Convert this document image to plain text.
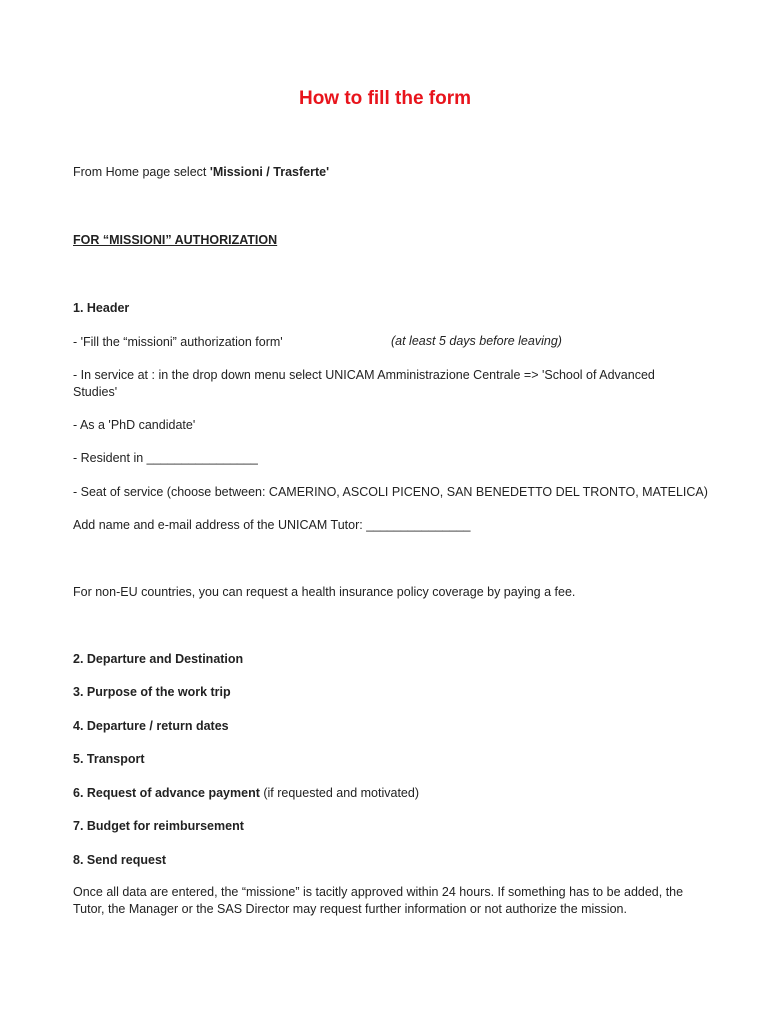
How to fill the form
From Home page select 'Missioni / Trasferte'
FOR “MISSIONI” AUTHORIZATION
1. Header
- 'Fill the “missioni” authorization form'	(at least 5 days before leaving)
- In service at : in the drop down menu select UNICAM Amministrazione Centrale => 'School of Advanced Studies'
- As a 'PhD candidate'
- Resident in ________________
- Seat of service (choose between: CAMERINO, ASCOLI PICENO, SAN BENEDETTO DEL TRONTO, MATELICA)
Add name and e-mail address of the UNICAM Tutor: _______________
For non-EU countries, you can request a health insurance policy coverage by paying a fee.
2. Departure and Destination
3. Purpose of the work trip
4. Departure / return dates
5. Transport
6. Request of advance payment (if requested and motivated)
7. Budget for reimbursement
8. Send request
Once all data are entered, the “missione” is tacitly approved within 24 hours. If something has to be added, the Tutor, the Manager or the SAS Director may request further information or not authorize the mission.
